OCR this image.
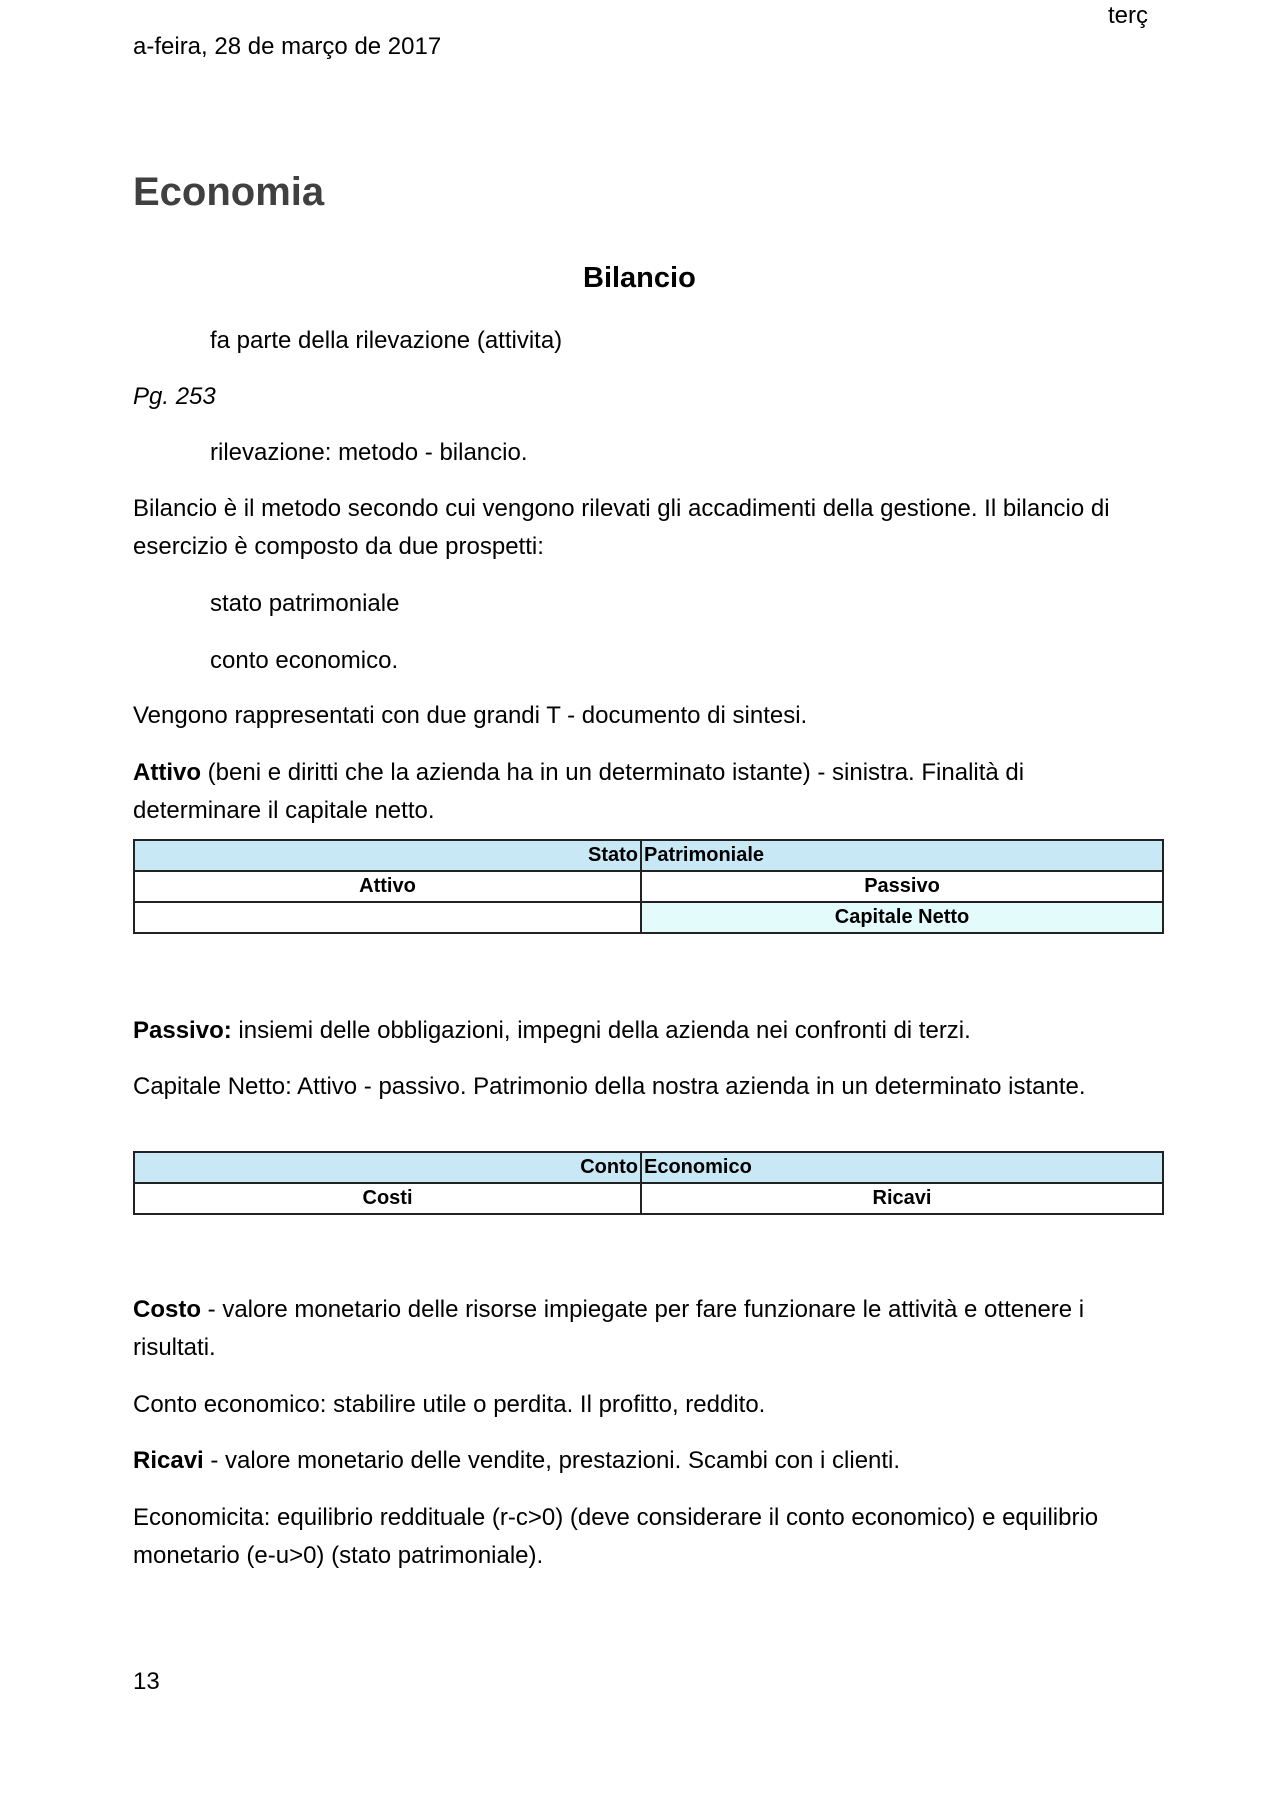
terç
a-feira, 28 de março de 2017
Economia
Bilancio

fa parte della rilevazione (attivita)

Pg. 253

rilevazione: metodo - bilancio.

Bilancio è il metodo secondo cui vengono rilevati gli accadimenti della gestione. Il bilancio di esercizio è composto da due prospetti:

stato patrimoniale

conto economico.

Vengono rappresentati con due grandi T - documento di sintesi.

Attivo (beni e diritti che la azienda ha in un determinato istante) - sinistra. Finalità di determinare il capitale netto.

Stato	Patrimoniale
Attivo	Passivo
	Capitale Netto

Passivo: insiemi delle obbligazioni, impegni della azienda nei confronti di terzi.

Capitale Netto: Attivo - passivo. Patrimonio della nostra azienda in un determinato istante.

Conto	Economico
Costi	Ricavi

Costo - valore monetario delle risorse impiegate per fare funzionare le attività e ottenere i risultati.

Conto economico: stabilire utile o perdita. Il profitto, reddito.

Ricavi - valore monetario delle vendite, prestazioni. Scambi con i clienti.

Economicita: equilibrio reddituale (r-c>0) (deve considerare il conto economico) e equilibrio monetario (e-u>0) (stato patrimoniale).

13
